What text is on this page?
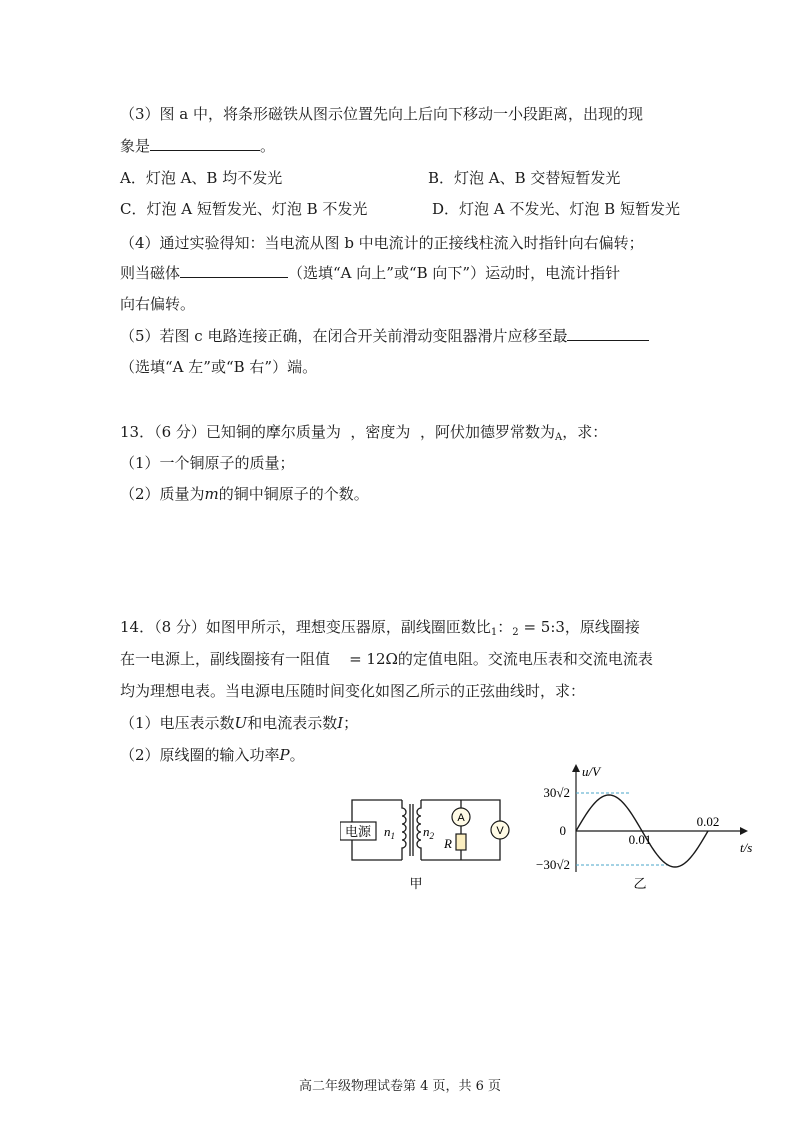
（3）图 a 中，将条形磁铁从图示位置先向上后向下移动一小段距离，出现的现
象是	。
A．灯泡 A、B 均不发光	B．灯泡 A、B 交替短暂发光
C．灯泡 A 短暂发光、灯泡 B 不发光	D．灯泡 A 不发光、灯泡 B 短暂发光
（4）通过实验得知：当电流从图 b 中电流计的正接线柱流入时指针向右偏转；
则当磁体	（选填“A 向上”或“B 向下”）运动时，电流计指针
向右偏转。
（5）若图 c 电路连接正确，在闭合开关前滑动变阻器滑片应移至最
（选填“A 左”或“B 右”）端。
13．（6 分）已知铜的摩尔质量为  ，密度为  ，阿伏加德罗常数为$_A$，求：
（1）一个铜原子的质量；
（2）质量为m的铜中铜原子的个数。
14．（8 分）如图甲所示，理想变压器原，副线圈匝数比$_1$：$_2$ = 5:3，原线圈接
在一电源上，副线圈接有一阻值    = 12Ω的定值电阻。交流电压表和交流电流表
均为理想电表。当电源电压随时间变化如图乙所示的正弦曲线时，求：
（1）电压表示数U和电流表示数I；
（2）原线圈的输入功率P。
电源 $n_1$ $n_2$
A
R
V
甲
u/V
t/s
30√2
−30√2
0
0.01
0.02
乙
高二年级物理试卷第 4 页，共 6 页
